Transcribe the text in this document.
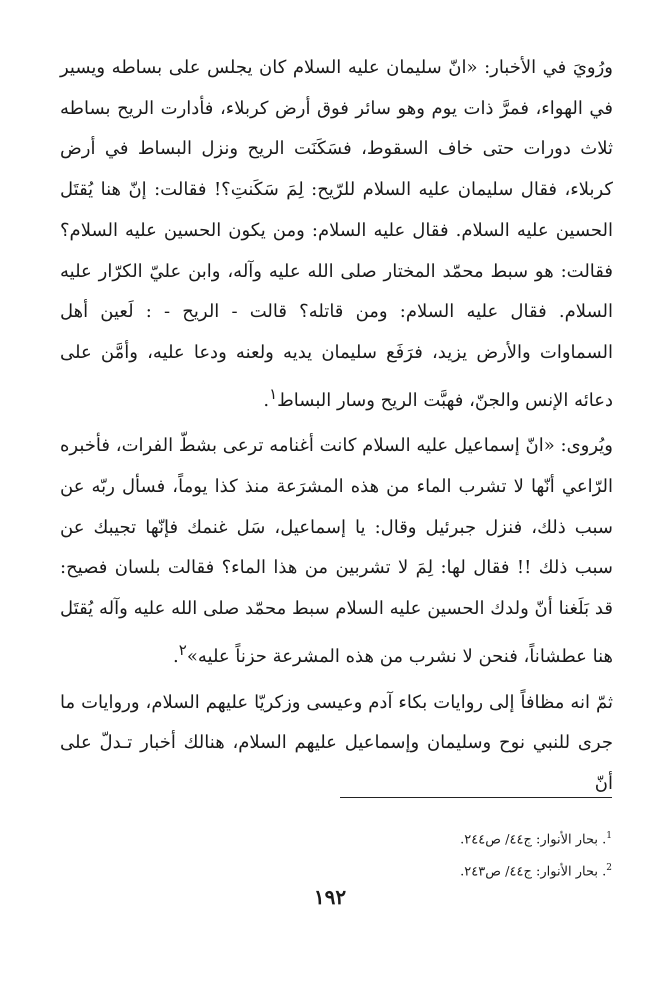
ورُويَ في الأخبار: «انّ سليمان عليه السلام كان يجلس على بساطه ويسير في الهواء، فمرَّ ذات يوم وهو سائر فوق أرض كربلاء، فأدارت الريح بساطه ثلاث دورات حتى خاف السقوط، فسَكَنَت الريح ونزل البساط في أرض كربلاء، فقال سليمان عليه السلام للرّيح: لِمَ سَكَنتِ؟! فقالت: إنّ هنا يُقتَل الحسين عليه السلام. فقال عليه السلام: ومن يكون الحسين عليه السلام؟ فقالت: هو سبط محمّد المختار صلى الله عليه وآله، وابن عليّ الكرّار عليه السلام. فقال عليه السلام: ومن قاتله؟ قالت - الريح - : لَعين أهل السماوات والأرض يزيد، فرَفَع سليمان يديه ولعنه ودعا عليه، وأمَّن على دعائه الإنس والجنّ، فهبَّت الريح وسار البساط$^١$.

ويُروى: «انّ إسماعيل عليه السلام كانت أغنامه ترعى بشطّ الفرات، فأخبره الرّاعي أنّها لا تشرب الماء من هذه المشرَعة منذ كذا يوماً، فسأل ربّه عن سبب ذلك، فنزل جبرئيل وقال: يا إسماعيل، سَل غنمك فإنّها تجيبك عن سبب ذلك !! فقال لها: لِمَ لا تشربين من هذا الماء؟ فقالت بلسان فصيح: قد بَلَغنا أنّ ولدك الحسين عليه السلام سبط محمّد صلى الله عليه وآله يُقتَل هنا عطشاناً، فنحن لا نشرب من هذه المشرعة حزناً عليه»$^٢$.

ثمّ انه مظافاً إلى روايات بكاء آدم وعيسى وزكريّا عليهم السلام، وروايات ما جرى للنبي نوح وسليمان وإسماعيل عليهم السلام، هنالك أخبار تـدلّ على أنّ

$^1$. بحار الأنوار: ج٤٤/ ص٢٤٤.

$^2$. بحار الأنوار: ج٤٤/ ص٢٤٣.

١٩٢
